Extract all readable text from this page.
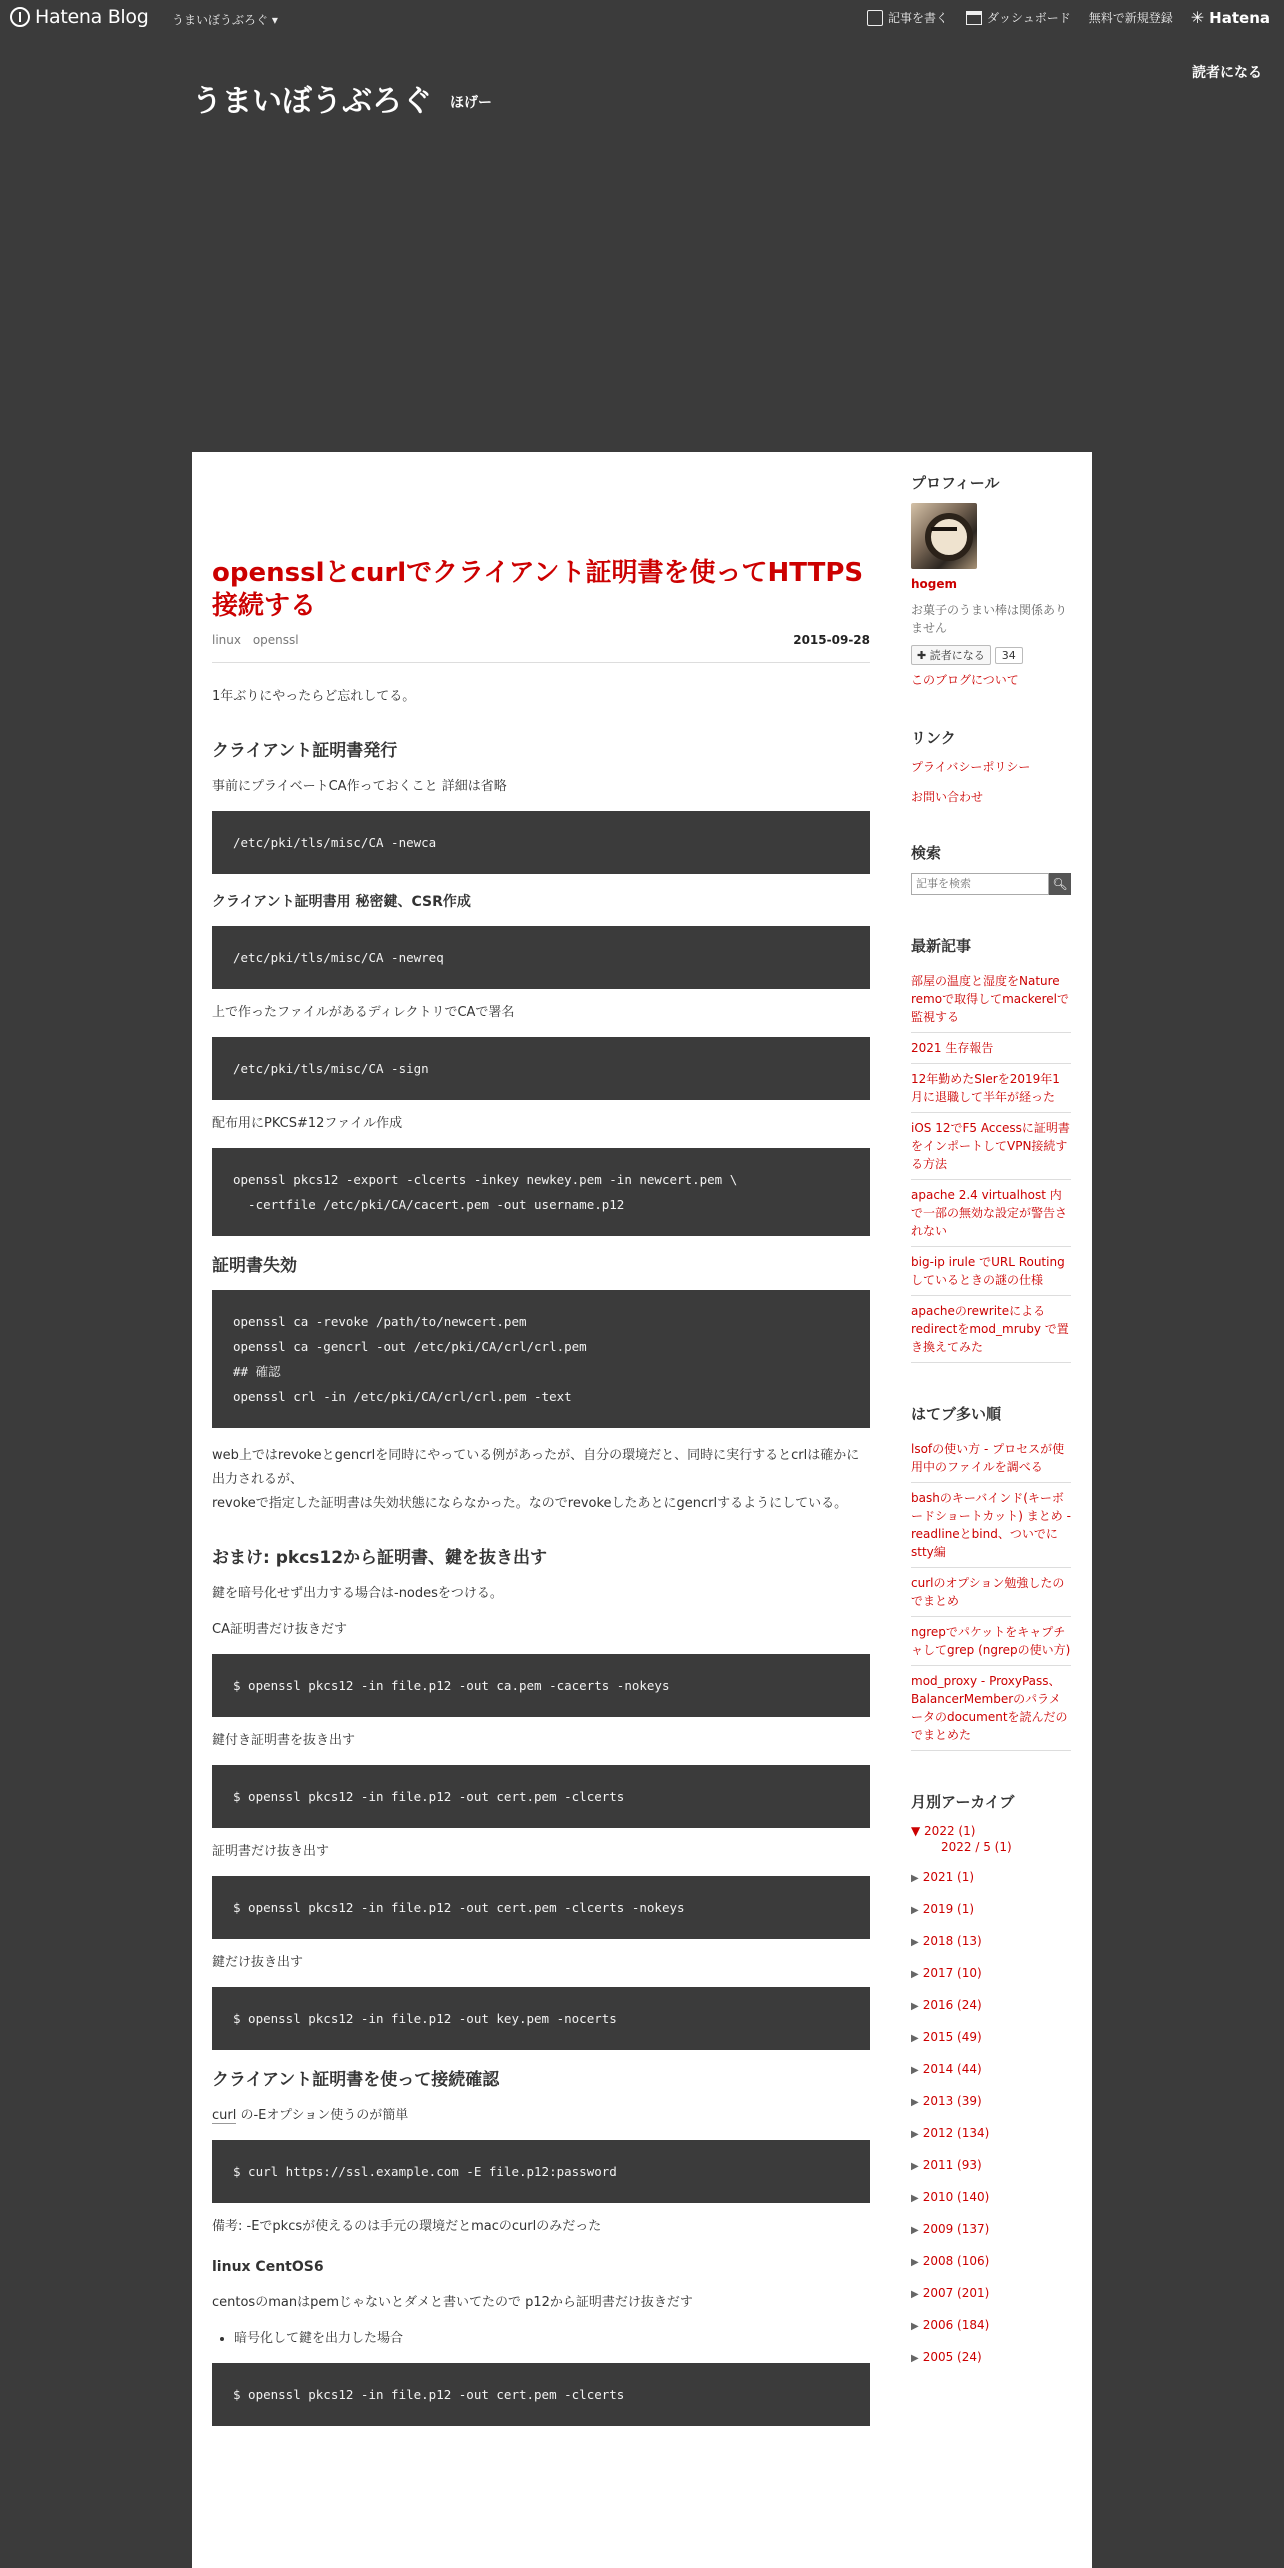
Hatena Blog うまいぼうぶろぐ ▾	記事を書く	ダッシュボード 無料で新規登録 ✳ Hatena
読者になる
うまいぼうぶろぐ ほげー
opensslとcurlでクライアント証明書を使ってHTTPS接続する
linux openssl	2015-09-28

1年ぶりにやったらど忘れしてる。

クライアント証明書発行

事前にプライベートCA作っておくこと 詳細は省略

/etc/pki/tls/misc/CA -newca
クライアント証明書用 秘密鍵、CSR作成
/etc/pki/tls/misc/CA -newreq

上で作ったファイルがあるディレクトリでCAで署名

/etc/pki/tls/misc/CA -sign

配布用にPKCS#12ファイル作成

openssl pkcs12 -export -clcerts -inkey newkey.pem -in newcert.pem \
-certfile /etc/pki/CA/cacert.pem -out username.p12
証明書失効
openssl ca -revoke /path/to/newcert.pem
openssl ca -gencrl -out /etc/pki/CA/crl/crl.pem
## 確認
openssl crl -in /etc/pki/CA/crl/crl.pem -text

web上ではrevokeとgencrlを同時にやっている例があったが、自分の環境だと、同時に実行するとcrlは確かに出力されるが、
revokeで指定した証明書は失効状態にならなかった。なのでrevokeしたあとにgencrlするようにしている。

おまけ: pkcs12から証明書、鍵を抜き出す

鍵を暗号化せず出力する場合は-nodesをつける。

CA証明書だけ抜きだす

$ openssl pkcs12 -in file.p12 -out ca.pem -cacerts -nokeys

鍵付き証明書を抜き出す

$ openssl pkcs12 -in file.p12 -out cert.pem -clcerts

証明書だけ抜き出す

$ openssl pkcs12 -in file.p12 -out cert.pem -clcerts -nokeys

鍵だけ抜き出す

$ openssl pkcs12 -in file.p12 -out key.pem -nocerts
クライアント証明書を使って接続確認

curl の-Eオプション使うのが簡単

$ curl https://ssl.example.com -E file.p12:password

備考: -Eでpkcsが使えるのは手元の環境だとmacのcurlのみだった

linux CentOS6

centosのmanはpemじゃないとダメと書いてたので p12から証明書だけ抜きだす

• 暗号化して鍵を出力した場合
$ openssl pkcs12 -in file.p12 -out cert.pem -clcerts
プロフィール
hogem
お菓子のうまい棒は関係ありません
✚ 読者になる	34
このブログについて
リンク
プライバシーポリシー
お問い合わせ
検索
記事を検索
🔍︎
最新記事
部屋の温度と湿度をNature remoで取得してmackerelで監視する
2021 生存報告
12年勤めたSIerを2019年1月に退職して半年が経った
iOS 12でF5 Accessに証明書をインポートしてVPN接続する方法
apache 2.4 virtualhost 内で一部の無効な設定が警告されない
big-ip irule でURL Routing しているときの謎の仕様
apacheのrewriteによるredirectをmod_mruby で置き換えてみた
はてブ多い順
lsofの使い方 - プロセスが使用中のファイルを調べる
bashのキーバインド(キーボードショートカット) まとめ - readlineとbind、ついでにstty編
curlのオプション勉強したのでまとめ
ngrepでパケットをキャプチャしてgrep (ngrepの使い方)
mod_proxy - ProxyPass、BalancerMemberのパラメータのdocumentを読んだのでまとめた
月別アーカイブ
▼ 2022 (1)
2022 / 5 (1)
▶ 2021 (1)
▶ 2019 (1)
▶ 2018 (13)
▶ 2017 (10)
▶ 2016 (24)
▶ 2015 (49)
▶ 2014 (44)
▶ 2013 (39)
▶ 2012 (134)
▶ 2011 (93)
▶ 2010 (140)
▶ 2009 (137)
▶ 2008 (106)
▶ 2007 (201)
▶ 2006 (184)
▶ 2005 (24)
